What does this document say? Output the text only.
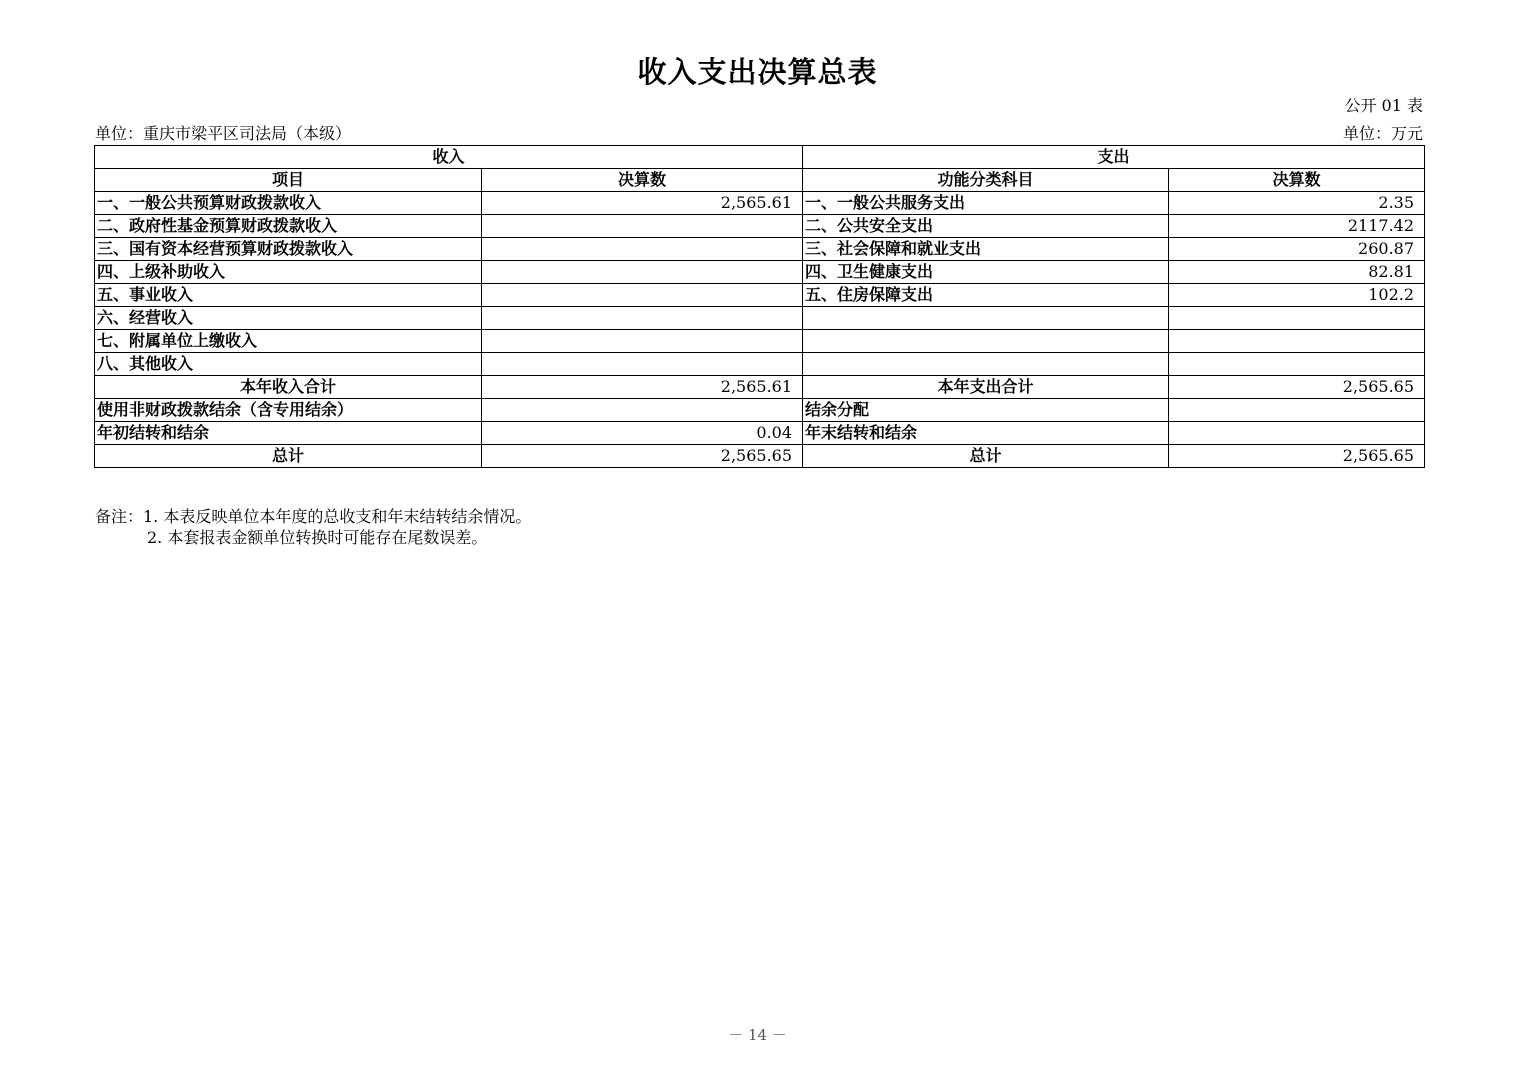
收入支出决算总表
公开 01 表
单位：重庆市梁平区司法局（本级）	单位：万元
收入		支出	
项目	决算数	功能分类科目	决算数
一、一般公共预算财政拨款收入	2,565.61	一、一般公共服务支出	2.35
二、政府性基金预算财政拨款收入		二、公共安全支出	2117.42
三、国有资本经营预算财政拨款收入		三、社会保障和就业支出	260.87
四、上级补助收入		四、卫生健康支出	82.81
五、事业收入		五、住房保障支出	102.2
六、经营收入			
七、附属单位上缴收入			
八、其他收入			
本年收入合计	2,565.61	本年支出合计	2,565.65
使用非财政拨款结余（含专用结余）		结余分配	
年初结转和结余	0.04	年末结转和结余	
总计	2,565.65	总计	2,565.65
备注：1. 本表反映单位本年度的总收支和年末结转结余情况。
2. 本套报表金额单位转换时可能存在尾数误差。
－ 14 －
